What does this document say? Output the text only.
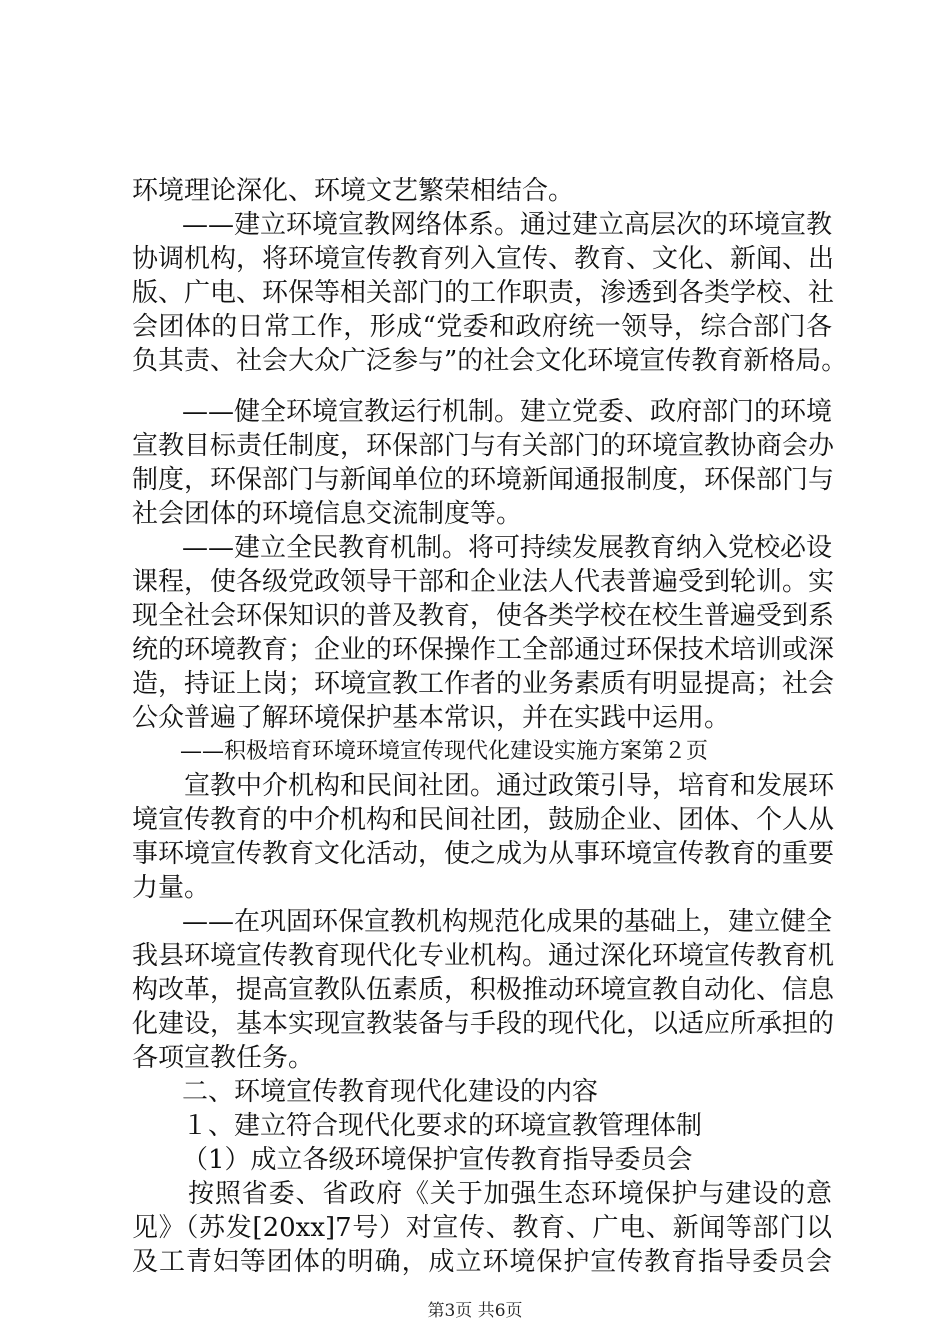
环境理论深化、环境文艺繁荣相结合。
——建立环境宣教网络体系。通过建立高层次的环境宣教
协调机构，将环境宣传教育列入宣传、教育、文化、新闻、出
版、广电、环保等相关部门的工作职责，渗透到各类学校、社
会团体的日常工作，形成“党委和政府统一领导，综合部门各
负其责、社会大众广泛参与”的社会文化环境宣传教育新格局。
——健全环境宣教运行机制。建立党委、政府部门的环境
宣教目标责任制度，环保部门与有关部门的环境宣教协商会办
制度，环保部门与新闻单位的环境新闻通报制度，环保部门与
社会团体的环境信息交流制度等。
——建立全民教育机制。将可持续发展教育纳入党校必设
课程，使各级党政领导干部和企业法人代表普遍受到轮训。实
现全社会环保知识的普及教育，使各类学校在校生普遍受到系
统的环境教育；企业的环保操作工全部通过环保技术培训或深
造，持证上岗；环境宣教工作者的业务素质有明显提高；社会
公众普遍了解环境保护基本常识，并在实践中运用。
——积极培育环境环境宣传现代化建设实施方案第２页
宣教中介机构和民间社团。通过政策引导，培育和发展环
境宣传教育的中介机构和民间社团，鼓励企业、团体、个人从
事环境宣传教育文化活动，使之成为从事环境宣传教育的重要
力量。
——在巩固环保宣教机构规范化成果的基础上，建立健全
我县环境宣传教育现代化专业机构。通过深化环境宣传教育机
构改革，提高宣教队伍素质，积极推动环境宣教自动化、信息
化建设，基本实现宣教装备与手段的现代化，以适应所承担的
各项宣教任务。
二、环境宣传教育现代化建设的内容
１、建立符合现代化要求的环境宣教管理体制
（1）成立各级环境保护宣传教育指导委员会
按照省委、省政府《关于加强生态环境保护与建设的意
见》（苏发[20xx]7号）对宣传、教育、广电、新闻等部门以
及工青妇等团体的明确，成立环境保护宣传教育指导委员会
第3页 共6页
